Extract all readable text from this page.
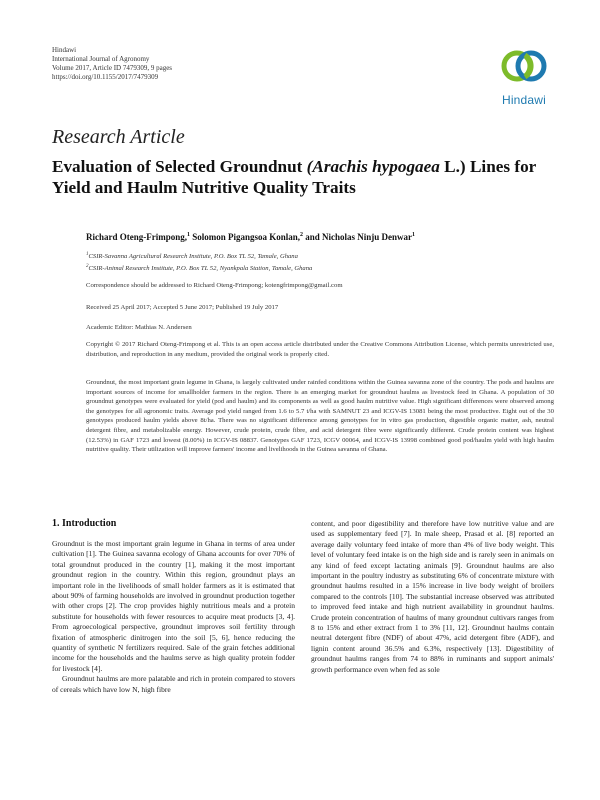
Hindawi
International Journal of Agronomy
Volume 2017, Article ID 7479309, 9 pages
https://doi.org/10.1155/2017/7479309
Hindawi
Research Article
Evaluation of Selected Groundnut (Arachis hypogaea L.) Lines for Yield and Haulm Nutritive Quality Traits
Richard Oteng-Frimpong,$^1$ Solomon Pigangsoa Konlan,$^2$ and Nicholas Ninju Denwar$^1$
$^1$CSIR-Savanna Agricultural Research Institute, P.O. Box TL 52, Tamale, Ghana
$^2$CSIR-Animal Research Institute, P.O. Box TL 52, Nyankpala Station, Tamale, Ghana
Correspondence should be addressed to Richard Oteng-Frimpong; kotengfrimpong@gmail.com
Received 25 April 2017; Accepted 5 June 2017; Published 19 July 2017
Academic Editor: Mathias N. Andersen
Copyright © 2017 Richard Oteng-Frimpong et al. This is an open access article distributed under the Creative Commons Attribution License, which permits unrestricted use, distribution, and reproduction in any medium, provided the original work is properly cited.
Groundnut, the most important grain legume in Ghana, is largely cultivated under rainfed conditions within the Guinea savanna zone of the country. The pods and haulms are important sources of income for smallholder farmers in the region. There is an emerging market for groundnut haulms as livestock feed in Ghana. A population of 30 groundnut genotypes were evaluated for yield (pod and haulm) and its components as well as good haulm nutritive value. High significant differences were observed among the genotypes for all agronomic traits. Average pod yield ranged from 1.6 to 5.7 t/ha with SAMNUT 23 and ICGV-IS 13081 being the most productive. Eight out of the 30 genotypes produced haulm yields above 8t/ha. There was no significant difference among genotypes for in vitro gas production, digestible organic matter, ash, neutral detergent fibre, and metabolizable energy. However, crude protein, crude fibre, and acid detergent fibre were significantly different. Crude protein content was highest (12.53%) in GAF 1723 and lowest (8.00%) in ICGV-IS 08837. Genotypes GAF 1723, ICGV 00064, and ICGV-IS 13998 combined good pod/haulm yield with high haulm nutritive quality. Their utilization will improve farmers' income and livelihoods in the Guinea savanna of Ghana.
1. Introduction

Groundnut is the most important grain legume in Ghana in terms of area under cultivation [1]. The Guinea savanna ecology of Ghana accounts for over 70% of total groundnut produced in the country [1], making it the most important groundnut region in the country. Within this region, groundnut plays an important role in the livelihoods of small holder farmers as it is estimated that about 90% of farming households are involved in groundnut production together with other crops [2]. The crop provides highly nutritious meals and a protein substitute for households with fewer resources to acquire meat products [3, 4]. From agroecological perspective, groundnut improves soil fertility through fixation of atmospheric dinitrogen into the soil [5, 6], hence reducing the quantity of synthetic N fertilizers required. Sale of the grain fetches additional income for the households and the haulms serve as high quality protein fodder for livestock [4].

Groundnut haulms are more palatable and rich in protein compared to stovers of cereals which have low N, high fibre

content, and poor digestibility and therefore have low nutritive value and are used as supplementary feed [7]. In male sheep, Prasad et al. [8] reported an average daily voluntary feed intake of more than 4% of live body weight. This level of voluntary feed intake is on the high side and is rarely seen in animals on any kind of feed except lactating animals [9]. Groundnut haulms are also important in the poultry industry as substituting 6% of concentrate mixture with groundnut haulms resulted in a 15% increase in live body weight of broilers compared to the controls [10]. The substantial increase observed was attributed to improved feed intake and high nutrient availability in groundnut haulms. Crude protein concentration of haulms of many groundnut cultivars ranges from 8 to 15% and ether extract from 1 to 3% [11, 12]. Groundnut haulms contain neutral detergent fibre (NDF) of about 47%, acid detergent fibre (ADF), and lignin content around 36.5% and 6.3%, respectively [13]. Digestibility of groundnut haulms ranges from 74 to 88% in ruminants and support animals' growth performance even when fed as sole
